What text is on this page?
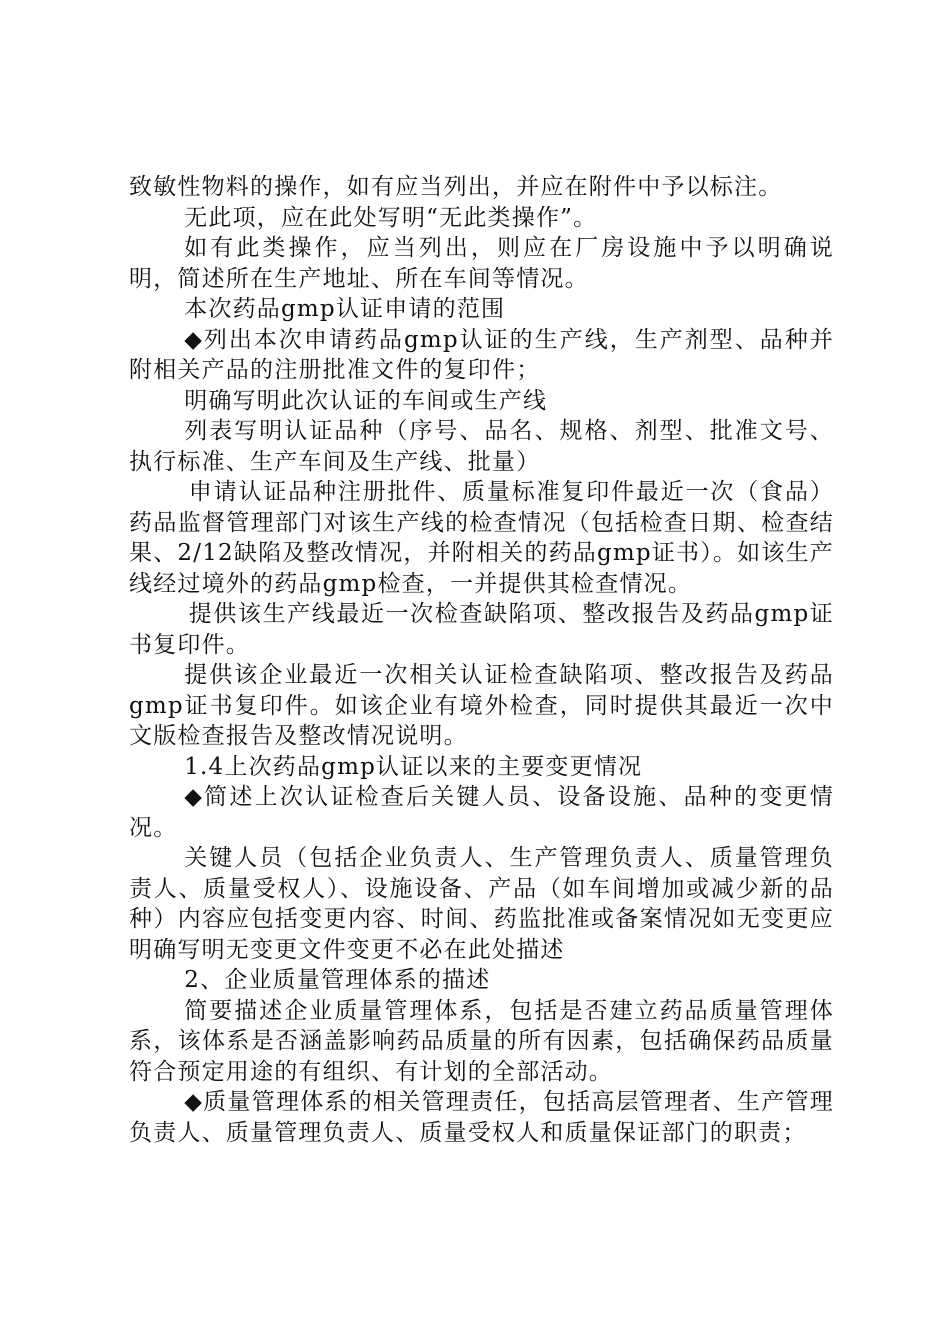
致敏性物料的操作，如有应当列出，并应在附件中予以标注。

无此项，应在此处写明“无此类操作”。

如有此类操作，应当列出，则应在厂房设施中予以明确说明，简述所在生产地址、所在车间等情况。

本次药品gmp认证申请的范围

◆列出本次申请药品gmp认证的生产线，生产剂型、品种并附相关产品的注册批准文件的复印件；

明确写明此次认证的车间或生产线

列表写明认证品种（序号、品名、规格、剂型、批准文号、执行标准、生产车间及生产线、批量）

申请认证品种注册批件、质量标准复印件最近一次（食品）药品监督管理部门对该生产线的检查情况（包括检查日期、检查结果、2/12缺陷及整改情况，并附相关的药品gmp证书）。如该生产线经过境外的药品gmp检查，一并提供其检查情况。

提供该生产线最近一次检查缺陷项、整改报告及药品gmp证书复印件。

提供该企业最近一次相关认证检查缺陷项、整改报告及药品gmp证书复印件。如该企业有境外检查，同时提供其最近一次中文版检查报告及整改情况说明。

1.4上次药品gmp认证以来的主要变更情况

◆简述上次认证检查后关键人员、设备设施、品种的变更情况。

关键人员（包括企业负责人、生产管理负责人、质量管理负责人、质量受权人）、设施设备、产品（如车间增加或减少新的品种）内容应包括变更内容、时间、药监批准或备案情况如无变更应明确写明无变更文件变更不必在此处描述

2、企业质量管理体系的描述

简要描述企业质量管理体系，包括是否建立药品质量管理体系，该体系是否涵盖影响药品质量的所有因素，包括确保药品质量符合预定用途的有组织、有计划的全部活动。

◆质量管理体系的相关管理责任，包括高层管理者、生产管理负责人、质量管理负责人、质量受权人和质量保证部门的职责；
